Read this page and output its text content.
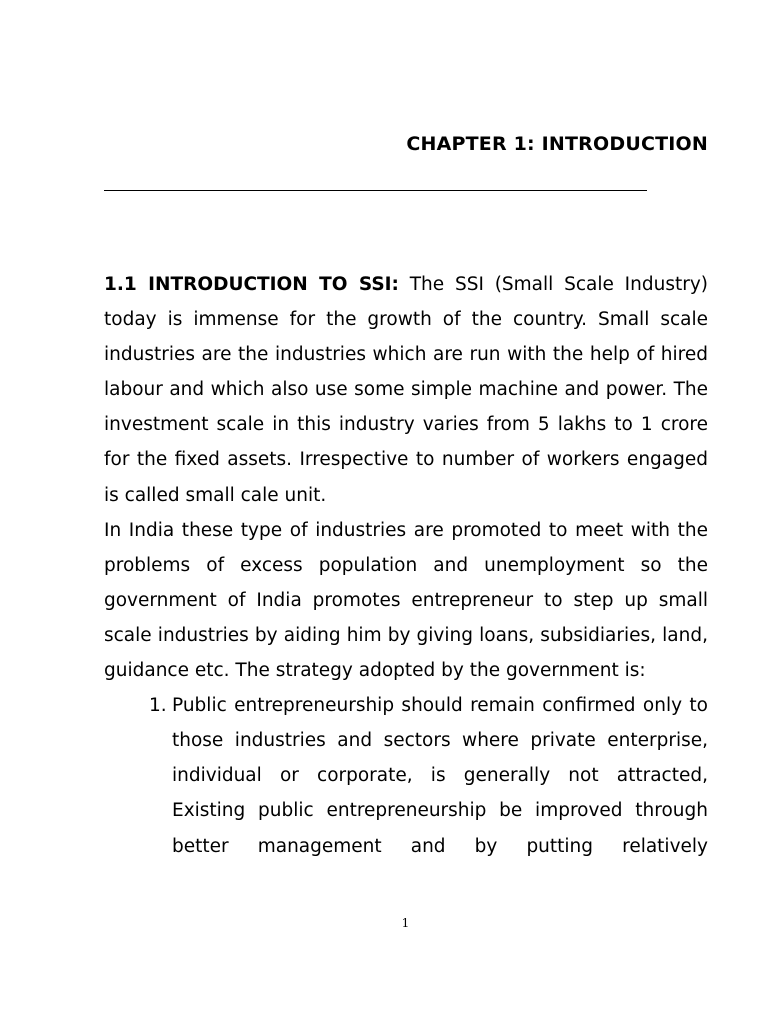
CHAPTER 1: INTRODUCTION

1.1 INTRODUCTION TO SSI: The SSI (Small Scale Industry) today is immense for the growth of the country. Small scale industries are the industries which are run with the help of hired labour and which also use some simple machine and power. The investment scale in this industry varies from 5 lakhs to 1 crore for the fixed assets. Irrespective to number of workers engaged is called small cale unit.

In India these type of industries are promoted to meet with the problems of excess population and unemployment so the government of India promotes entrepreneur to step up small scale industries by aiding him by giving loans, subsidiaries, land, guidance etc. The strategy adopted by the government is:

1. Public entrepreneurship should remain confirmed only to those industries and sectors where private enterprise, individual or corporate, is generally not attracted, Existing public entrepreneurship be improved through better management and by putting relatively

1
